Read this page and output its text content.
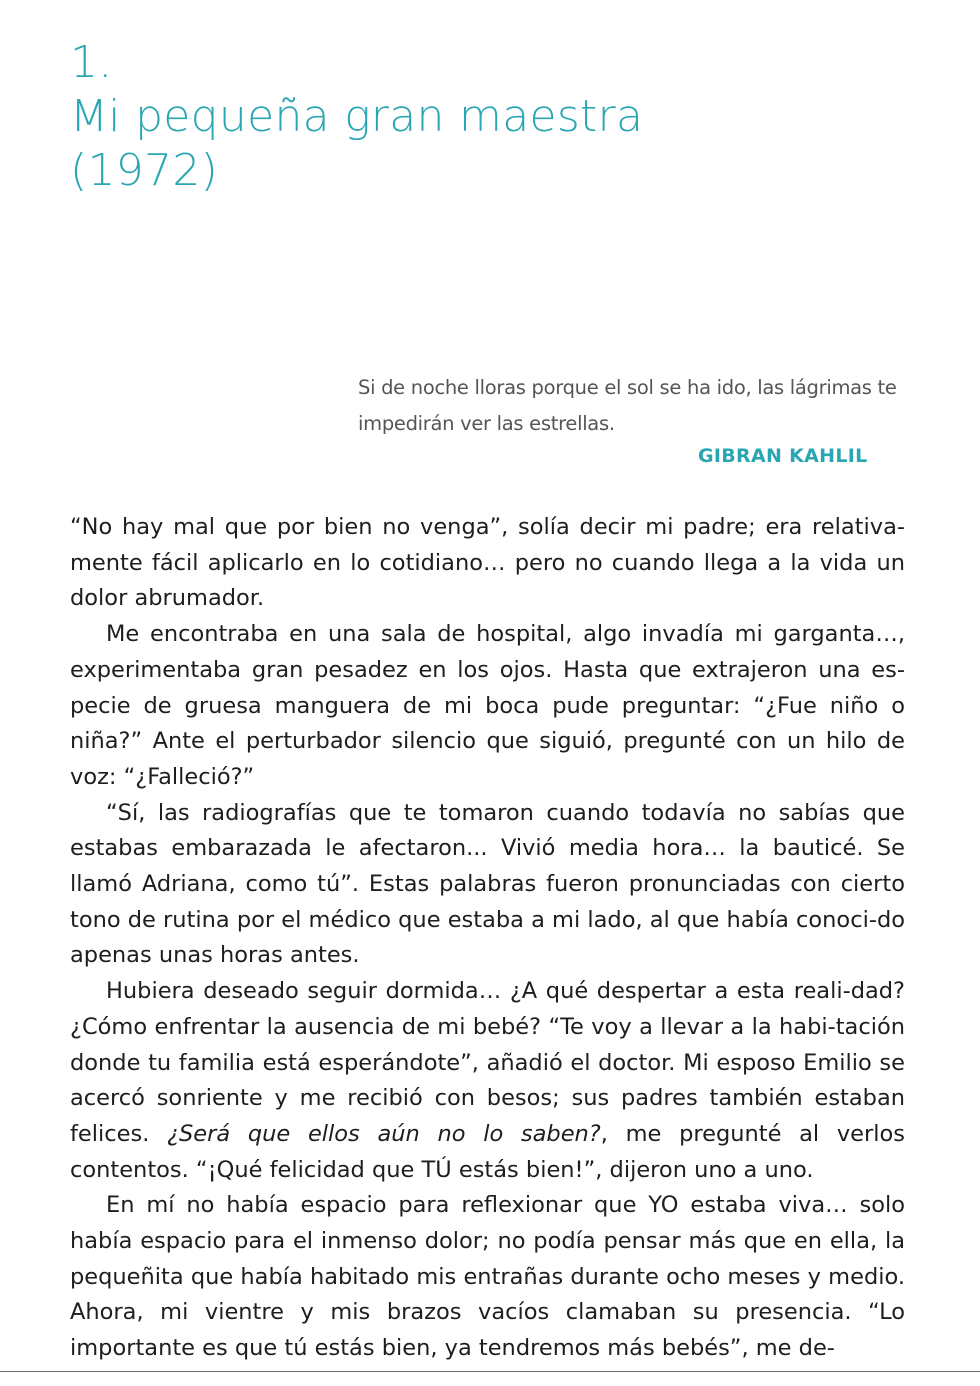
1.
Mi pequeña gran maestra
(1972)

Si de noche lloras porque el sol se ha ido, las lágrimas te impedirán ver las estrellas.

GIBRAN KAHLIL

“No hay mal que por bien no venga”, solía decir mi padre; era relativa-mente fácil aplicarlo en lo cotidiano… pero no cuando llega a la vida un dolor abrumador.

Me encontraba en una sala de hospital, algo invadía mi garganta…, experimentaba gran pesadez en los ojos. Hasta que extrajeron una es-pecie de gruesa manguera de mi boca pude preguntar: “¿Fue niño o niña?” Ante el perturbador silencio que siguió, pregunté con un hilo de voz: “¿Falleció?”

“Sí, las radiografías que te tomaron cuando todavía no sabías que estabas embarazada le afectaron... Vivió media hora… la bauticé. Se llamó Adriana, como tú”. Estas palabras fueron pronunciadas con cierto tono de rutina por el médico que estaba a mi lado, al que había conoci-do apenas unas horas antes.

Hubiera deseado seguir dormida… ¿A qué despertar a esta reali-dad? ¿Cómo enfrentar la ausencia de mi bebé? “Te voy a llevar a la habi-tación donde tu familia está esperándote”, añadió el doctor. Mi esposo Emilio se acercó sonriente y me recibió con besos; sus padres también estaban felices. ¿Será que ellos aún no lo saben?, me pregunté al verlos contentos. “¡Qué felicidad que TÚ estás bien!”, dijeron uno a uno.

En mí no había espacio para reflexionar que YO estaba viva… solo había espacio para el inmenso dolor; no podía pensar más que en ella, la pequeñita que había habitado mis entrañas durante ocho meses y medio. Ahora, mi vientre y mis brazos vacíos clamaban su presencia. “Lo importante es que tú estás bien, ya tendremos más bebés”, me de-
